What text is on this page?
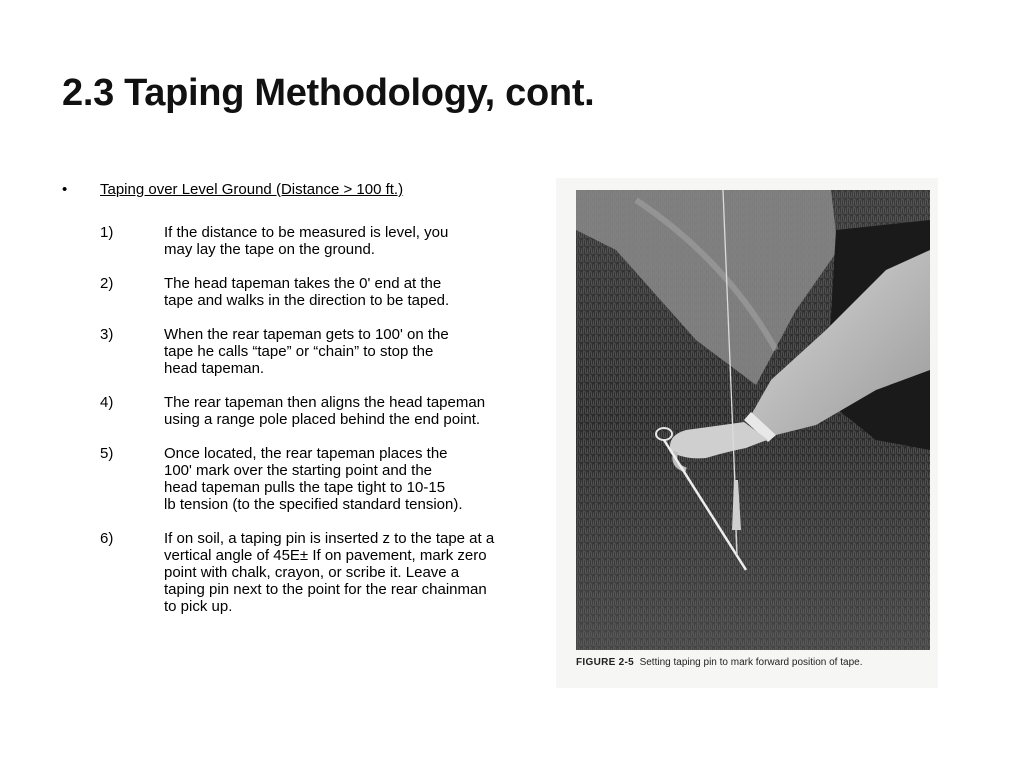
2.3 Taping Methodology, cont.
•	Taping over Level Ground (Distance > 100 ft.)
1)	If the distance to be measured is level, you
may lay the tape on the ground.
2)	The head tapeman takes the 0' end at the
tape and walks in the direction to be taped.
3)	When the rear tapeman gets to 100' on the
tape he calls “tape” or “chain” to stop the
head tapeman.
4)	The rear tapeman then aligns the head tapeman
using a range pole placed behind the end point.
5)	Once located, the rear tapeman places the
100' mark over the starting point and the
head tapeman pulls the tape tight to 10-15
lb tension (to the specified standard tension).
6)	If on soil, a taping pin is inserted z to the tape at a
vertical angle of 45E± If on pavement, mark zero
point with chalk, crayon, or scribe it. Leave a
taping pin next to the point for the rear chainman
to pick up.
FIGURE 2-5 Setting taping pin to mark forward position of tape.
